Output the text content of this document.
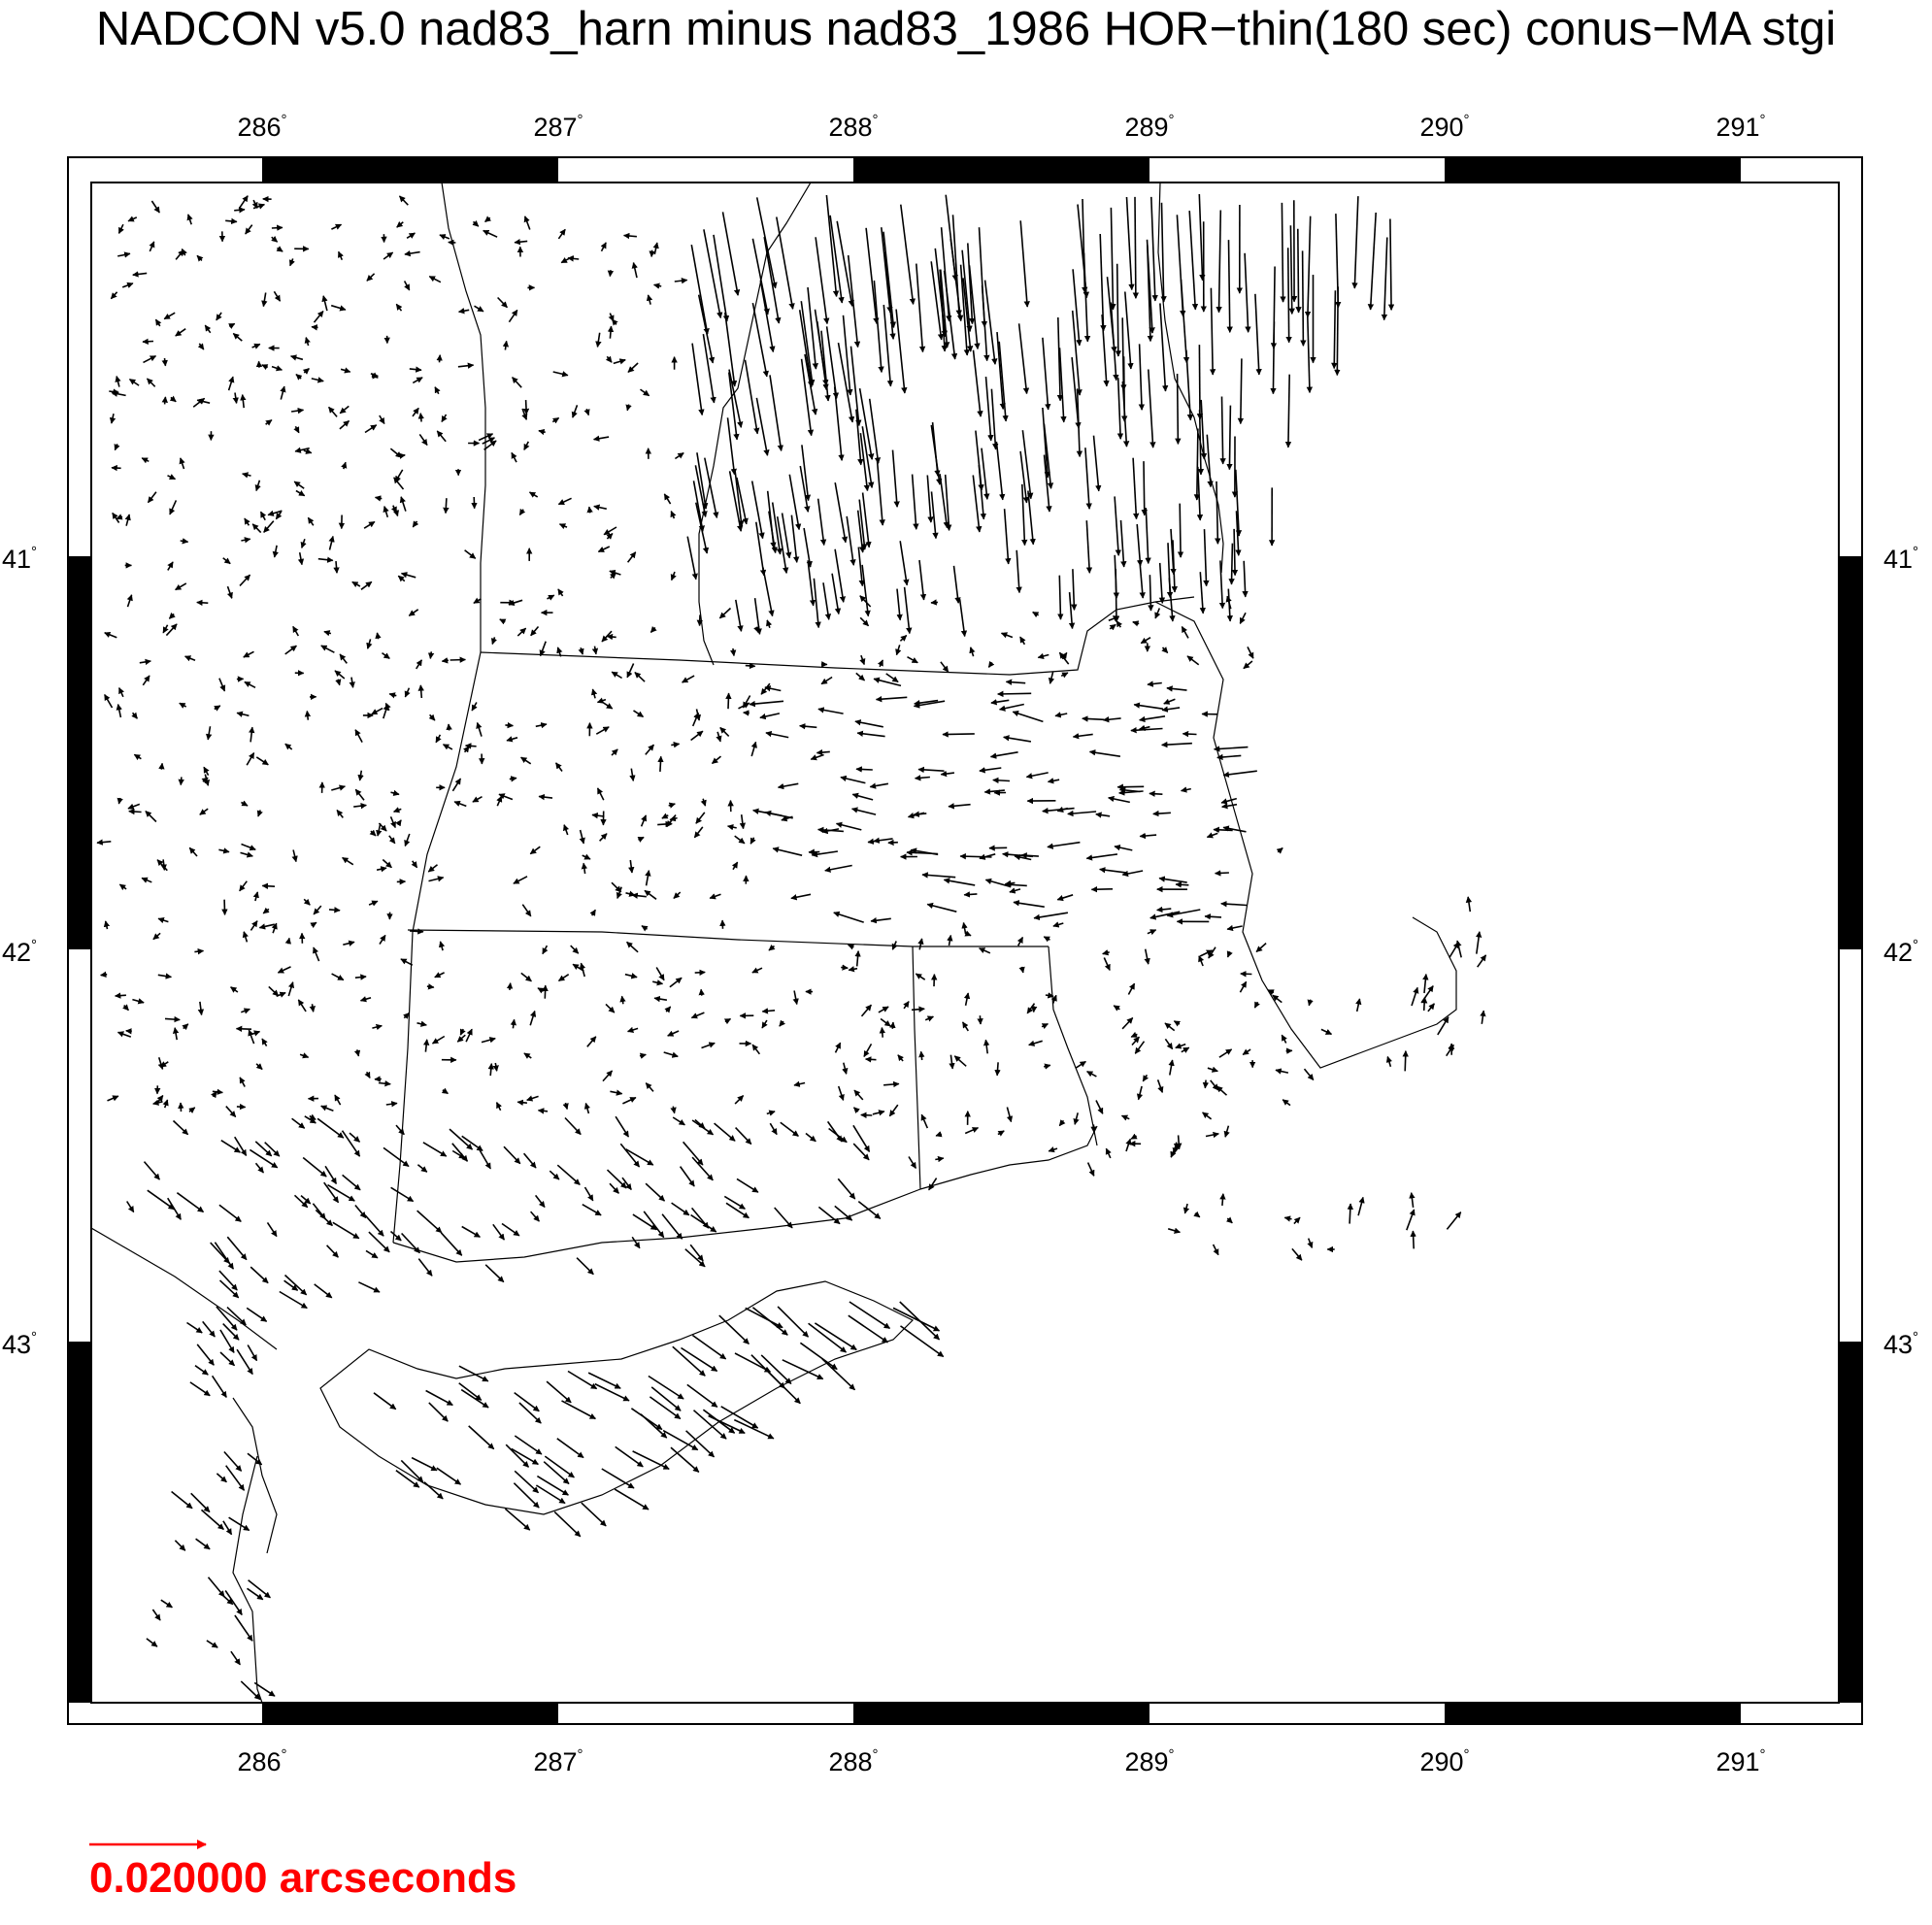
NADCON v5.0 nad83_harn minus nad83_1986 HOR−thin(180 sec) conus−MA stgi
286°
286°
287°
287°
288°
288°
289°
289°
290°
290°
291°
291°
43°	43°
42°	42°
41°	41°
0.020000 arcseconds
